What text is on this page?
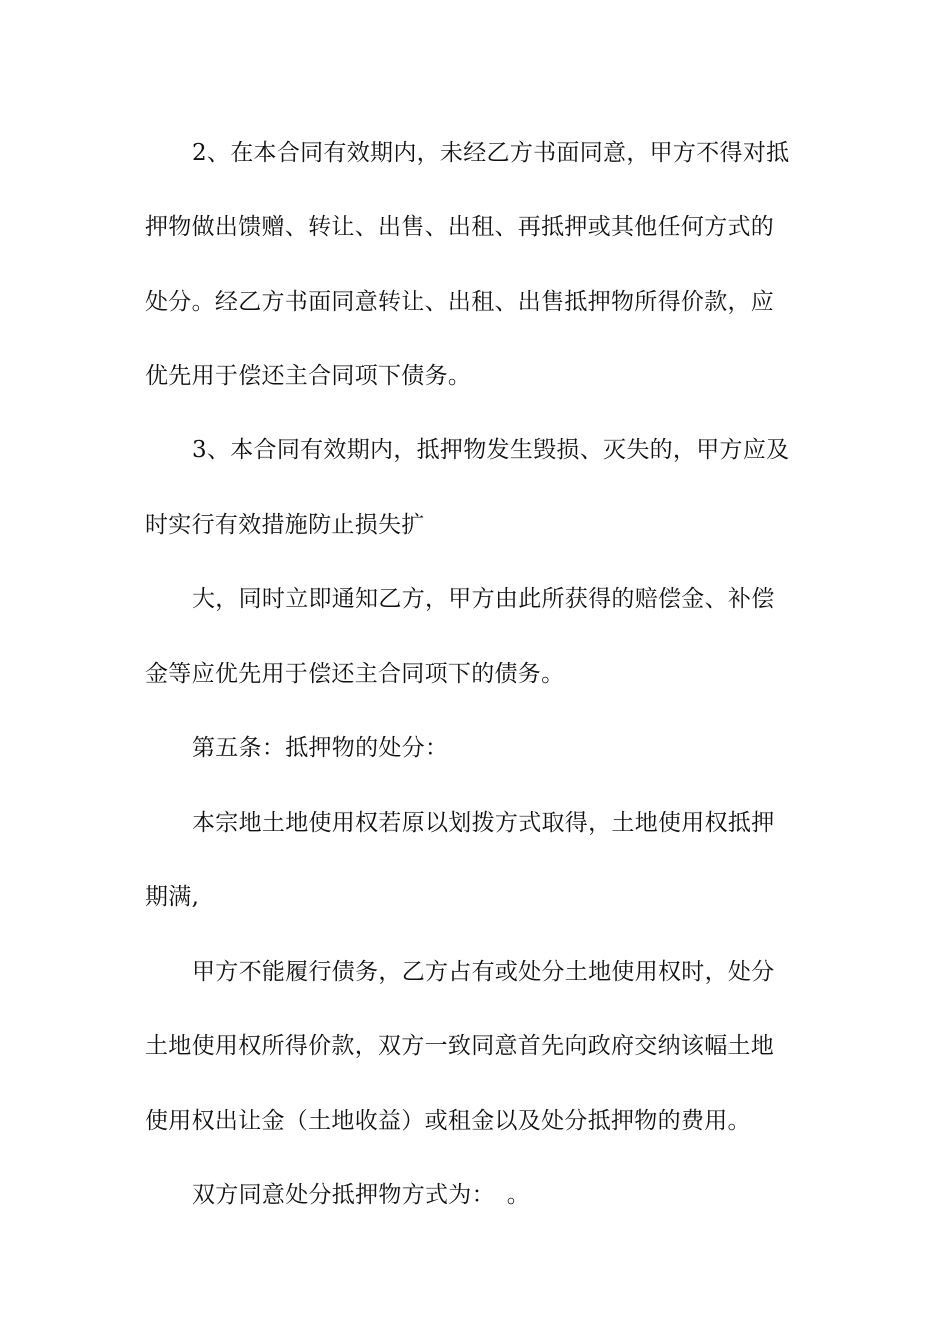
2、在本合同有效期内，未经乙方书面同意，甲方不得对抵
押物做出馈赠、转让、出售、出租、再抵押或其他任何方式的
处分。经乙方书面同意转让、出租、出售抵押物所得价款，应
优先用于偿还主合同项下债务。
3、本合同有效期内，抵押物发生毁损、灭失的，甲方应及
时实行有效措施防止损失扩
大，同时立即通知乙方，甲方由此所获得的赔偿金、补偿
金等应优先用于偿还主合同项下的债务。
第五条：抵押物的处分：
本宗地土地使用权若原以划拨方式取得，土地使用权抵押
期满,
甲方不能履行债务，乙方占有或处分土地使用权时，处分
土地使用权所得价款，双方一致同意首先向政府交纳该幅土地
使用权出让金（土地收益）或租金以及处分抵押物的费用。
双方同意处分抵押物方式为：　。
